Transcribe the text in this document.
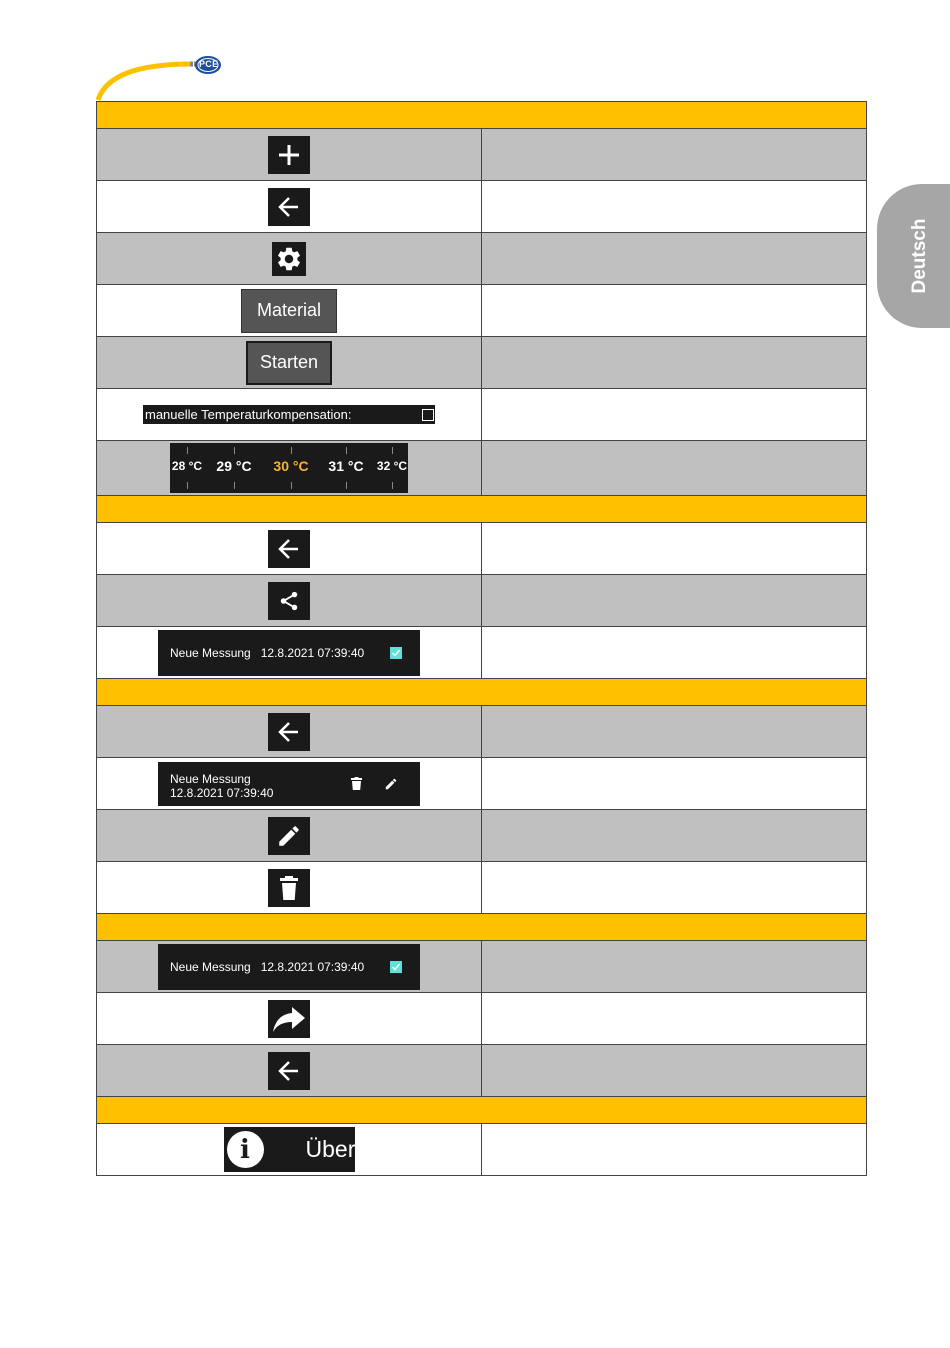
PCE
Deutsch

Material	
Starten	

manuelle Temperaturkompensation:	

28 °C 29 °C 30 °C 31 °C 32 °C	

Neue Messung 12.8.2021 07:39:40	

Neue Messung
12.8.2021 07:39:40	

Neue Messung 12.8.2021 07:39:40	

i Über	
